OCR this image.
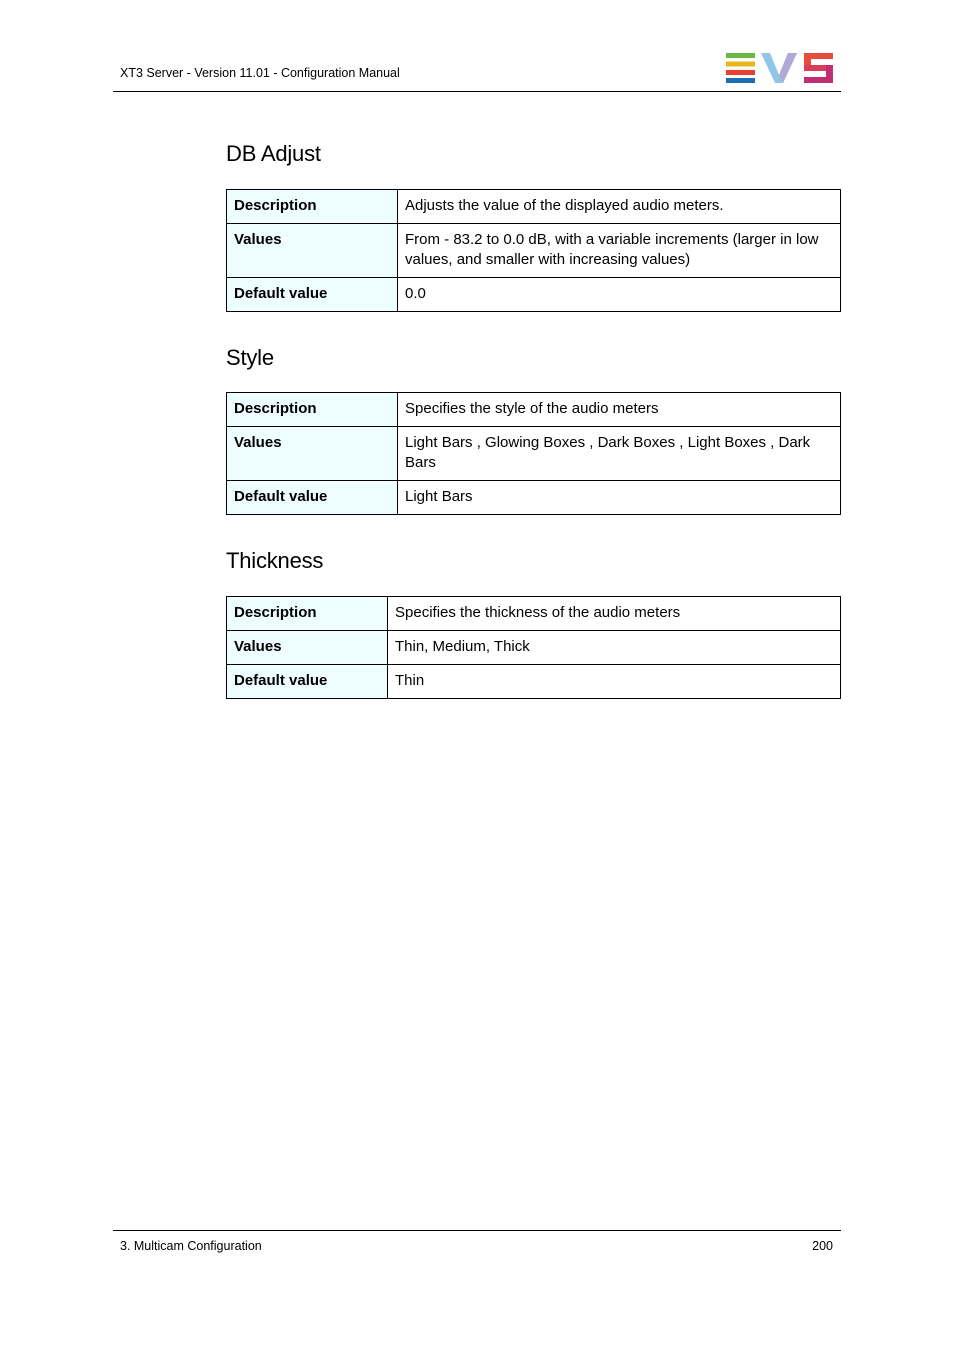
XT3 Server - Version 11.01 - Configuration Manual
DB Adjust
Description	Adjusts the value of the displayed audio meters.
Values	From - 83.2 to 0.0 dB, with a variable increments (larger in low values, and smaller with increasing values)
Default value	0.0
Style
Description	Specifies the style of the audio meters
Values	Light Bars , Glowing Boxes , Dark Boxes , Light Boxes , Dark Bars
Default value	Light Bars
Thickness
Description	Specifies the thickness of the audio meters
Values	Thin, Medium, Thick
Default value	Thin
3. Multicam Configuration	200
